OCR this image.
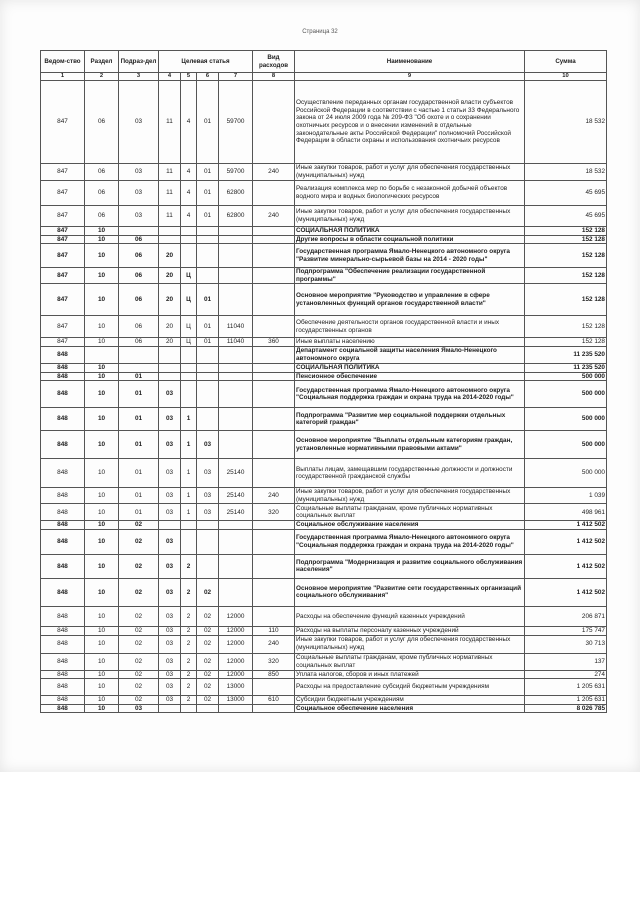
Страница 32
Ведом-ство	Раздел	Подраз-дел	Целевая статья				Вид расходов	Наименование	Сумма
1	2	3	4	5	6	7	8	9	10
847	06	03	11	4	01	59700		Осуществление переданных органам государственной власти субъектов Российской Федерации в соответствии с частью 1 статьи 33 Федерального закона от 24 июля 2009 года № 209-ФЗ "Об охоте и о сохранении охотничьих ресурсов и о внесении изменений в отдельные законодательные акты Российской Федерации" полномочий Российской Федерации в области охраны и использования охотничьих ресурсов	18 532
847	06	03	11	4	01	59700	240	Иные закупки товаров, работ и услуг для обеспечения государственных (муниципальных) нужд	18 532
847	06	03	11	4	01	62800		Реализация комплекса мер по борьбе с незаконной добычей объектов водного мира и водных биологических ресурсов	45 695
847	06	03	11	4	01	62800	240	Иные закупки товаров, работ и услуг для обеспечения государственных (муниципальных) нужд	45 695
847	10							СОЦИАЛЬНАЯ ПОЛИТИКА	152 128
847	10	06						Другие вопросы в области социальной политики	152 128
847	10	06	20					Государственная программа Ямало-Ненецкого автономного округа "Развитие минерально-сырьевой базы на 2014 - 2020 годы"	152 128
847	10	06	20	Ц				Подпрограмма "Обеспечение реализации государственной программы"	152 128
847	10	06	20	Ц	01			Основное мероприятие "Руководство и управление в сфере установленных функций органов государственной власти"	152 128
847	10	06	20	Ц	01	11040		Обеспечение деятельности органов государственной власти и иных государственных органов	152 128
847	10	06	20	Ц	01	11040	360	Иные выплаты населению	152 128
848								Департамент социальной защиты населения Ямало-Ненецкого автономного округа	11 235 520
848	10							СОЦИАЛЬНАЯ ПОЛИТИКА	11 235 520
848	10	01						Пенсионное обеспечение	500 000
848	10	01	03					Государственная программа Ямало-Ненецкого автономного округа "Социальная поддержка граждан и охрана труда на 2014-2020 годы"	500 000
848	10	01	03	1				Подпрограмма "Развитие мер социальной поддержки отдельных категорий граждан"	500 000
848	10	01	03	1	03			Основное мероприятие "Выплаты отдельным категориям граждан, установленные нормативными правовыми актами"	500 000
848	10	01	03	1	03	25140		Выплаты лицам, замещавшим государственные должности и должности государственной гражданской службы	500 000
848	10	01	03	1	03	25140	240	Иные закупки товаров, работ и услуг для обеспечения государственных (муниципальных) нужд	1 039
848	10	01	03	1	03	25140	320	Социальные выплаты гражданам, кроме публичных нормативных социальных выплат	498 961
848	10	02						Социальное обслуживание населения	1 412 502
848	10	02	03					Государственная программа Ямало-Ненецкого автономного округа "Социальная поддержка граждан и охрана труда на 2014-2020 годы"	1 412 502
848	10	02	03	2				Подпрограмма "Модернизация и развитие социального обслуживания населения"	1 412 502
848	10	02	03	2	02			Основное мероприятие "Развитие сети государственных организаций социального обслуживания"	1 412 502
848	10	02	03	2	02	12000		Расходы на обеспечение функций казенных учреждений	206 871
848	10	02	03	2	02	12000	110	Расходы на выплаты персоналу казенных учреждений	175 747
848	10	02	03	2	02	12000	240	Иные закупки товаров, работ и услуг для обеспечения государственных (муниципальных) нужд	30 713
848	10	02	03	2	02	12000	320	Социальные выплаты гражданам, кроме публичных нормативных социальных выплат	137
848	10	02	03	2	02	12000	850	Уплата налогов, сборов и иных платежей	274
848	10	02	03	2	02	13000		Расходы на предоставление субсидий бюджетным учреждениям	1 205 631
848	10	02	03	2	02	13000	610	Субсидии бюджетным учреждениям	1 205 631
848	10	03						Социальное обеспечение населения	8 026 785
